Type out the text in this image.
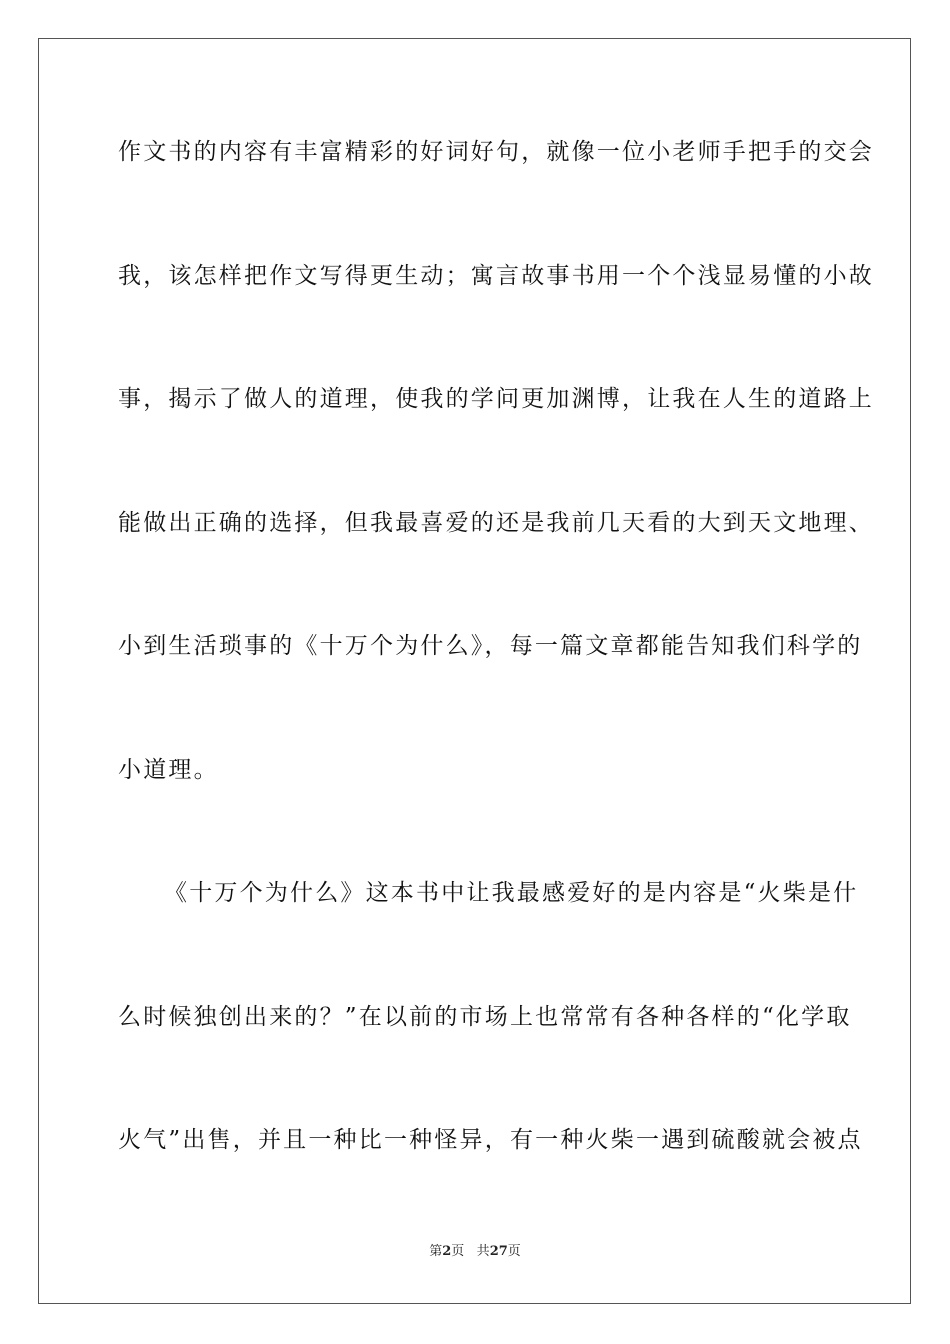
作文书的内容有丰富精彩的好词好句，就像一位小老师手把手的交会
我，该怎样把作文写得更生动；寓言故事书用一个个浅显易懂的小故
事，揭示了做人的道理，使我的学问更加渊博，让我在人生的道路上
能做出正确的选择，但我最喜爱的还是我前几天看的大到天文地理、
小到生活琐事的《十万个为什么》，每一篇文章都能告知我们科学的
小道理。
《十万个为什么》这本书中让我最感爱好的是内容是“火柴是什
么时候独创出来的？”在以前的市场上也常常有各种各样的“化学取
火气”出售，并且一种比一种怪异，有一种火柴一遇到硫酸就会被点
第2页 共27页
